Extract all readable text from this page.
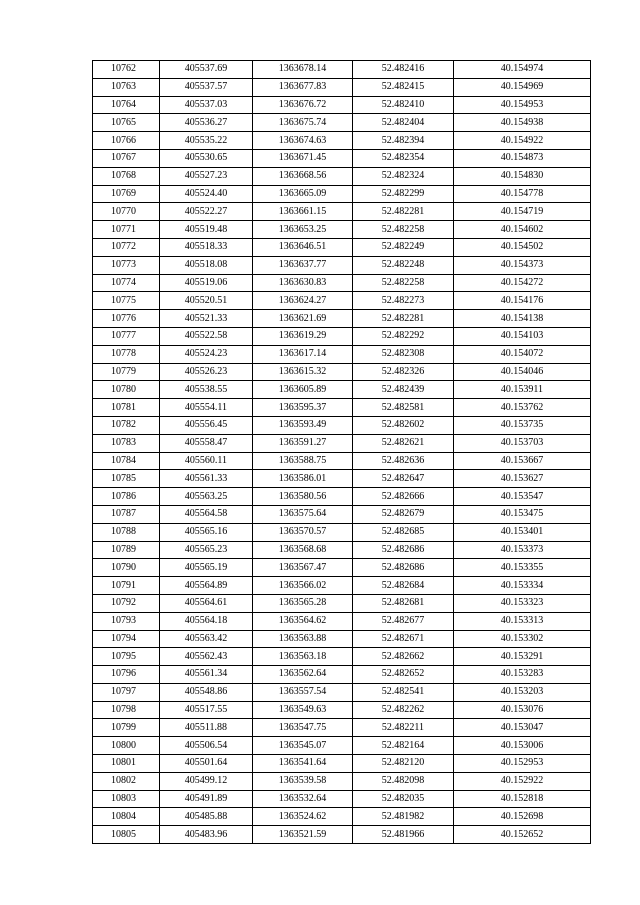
10762	405537.69	1363678.14	52.482416	40.154974
10763	405537.57	1363677.83	52.482415	40.154969
10764	405537.03	1363676.72	52.482410	40.154953
10765	405536.27	1363675.74	52.482404	40.154938
10766	405535.22	1363674.63	52.482394	40.154922
10767	405530.65	1363671.45	52.482354	40.154873
10768	405527.23	1363668.56	52.482324	40.154830
10769	405524.40	1363665.09	52.482299	40.154778
10770	405522.27	1363661.15	52.482281	40.154719
10771	405519.48	1363653.25	52.482258	40.154602
10772	405518.33	1363646.51	52.482249	40.154502
10773	405518.08	1363637.77	52.482248	40.154373
10774	405519.06	1363630.83	52.482258	40.154272
10775	405520.51	1363624.27	52.482273	40.154176
10776	405521.33	1363621.69	52.482281	40.154138
10777	405522.58	1363619.29	52.482292	40.154103
10778	405524.23	1363617.14	52.482308	40.154072
10779	405526.23	1363615.32	52.482326	40.154046
10780	405538.55	1363605.89	52.482439	40.153911
10781	405554.11	1363595.37	52.482581	40.153762
10782	405556.45	1363593.49	52.482602	40.153735
10783	405558.47	1363591.27	52.482621	40.153703
10784	405560.11	1363588.75	52.482636	40.153667
10785	405561.33	1363586.01	52.482647	40.153627
10786	405563.25	1363580.56	52.482666	40.153547
10787	405564.58	1363575.64	52.482679	40.153475
10788	405565.16	1363570.57	52.482685	40.153401
10789	405565.23	1363568.68	52.482686	40.153373
10790	405565.19	1363567.47	52.482686	40.153355
10791	405564.89	1363566.02	52.482684	40.153334
10792	405564.61	1363565.28	52.482681	40.153323
10793	405564.18	1363564.62	52.482677	40.153313
10794	405563.42	1363563.88	52.482671	40.153302
10795	405562.43	1363563.18	52.482662	40.153291
10796	405561.34	1363562.64	52.482652	40.153283
10797	405548.86	1363557.54	52.482541	40.153203
10798	405517.55	1363549.63	52.482262	40.153076
10799	405511.88	1363547.75	52.482211	40.153047
10800	405506.54	1363545.07	52.482164	40.153006
10801	405501.64	1363541.64	52.482120	40.152953
10802	405499.12	1363539.58	52.482098	40.152922
10803	405491.89	1363532.64	52.482035	40.152818
10804	405485.88	1363524.62	52.481982	40.152698
10805	405483.96	1363521.59	52.481966	40.152652
